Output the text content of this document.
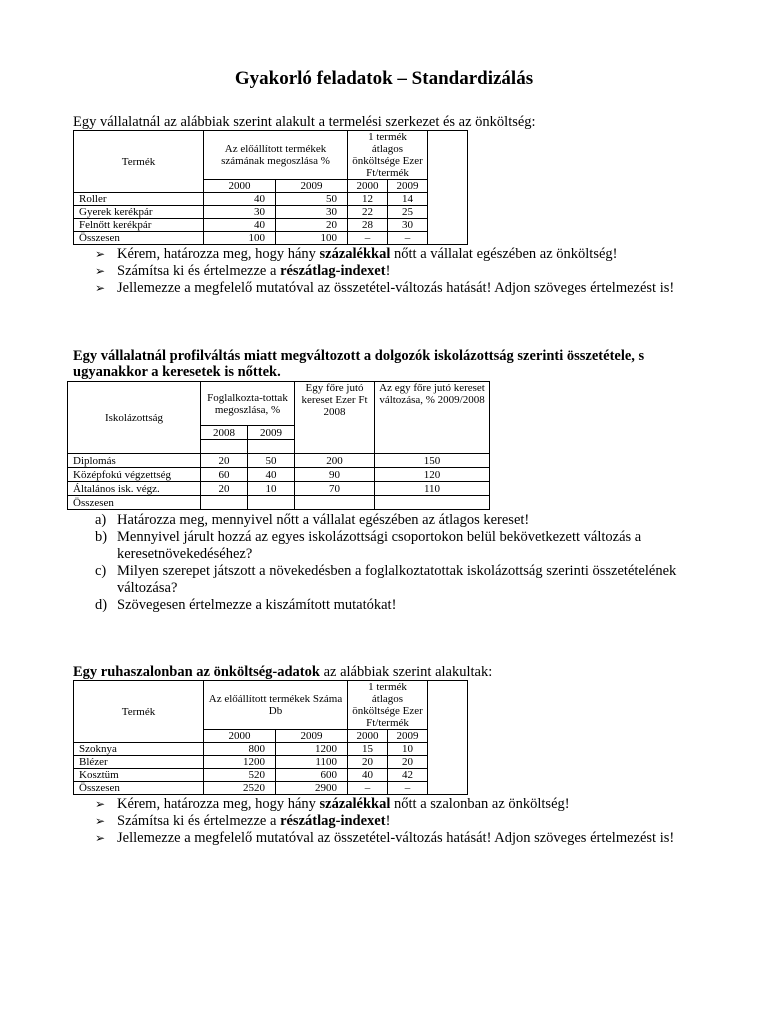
Gyakorló feladatok – Standardizálás

Egy vállalatnál az alábbiak szerint alakult a termelési szerkezet és az önköltség:

Termék	Az előállított termékek számának megoszlása %		1 termék átlagos önköltsége Ezer Ft/termék		
	2000	2009	2000	2009	
Roller	40	50	12	14	
Gyerek kerékpár	30	30	22	25	
Felnőtt kerékpár	40	20	28	30	
Összesen	100	100	–	–	
➢ Kérem, határozza meg, hogy hány százalékkal nőtt a vállalat egészében az önköltség!
➢ Számítsa ki és értelmezze a részátlag-indexet!
➢ Jellemezze a megfelelő mutatóval az összetétel-változás hatását! Adjon szöveges értelmezést is!

Egy vállalatnál profilváltás miatt megváltozott a dolgozók iskolázottság szerinti összetétele, s ugyanakkor a keresetek is nőttek.

Iskolázottság	Foglalkozta-tottak megoszlása, %		Egy főre jutó kereset Ezer Ft 2008	Az egy főre jutó kereset változása, % 2009/2008
	2008	2009		

Diplomás	20	50	200	150
Középfokú végzettség	60	40	90	120
Általános isk. végz.	20	10	70	110
Összesen				
a) Határozza meg, mennyivel nőtt a vállalat egészében az átlagos kereset!
b) Mennyivel járult hozzá az egyes iskolázottsági csoportokon belül bekövetkezett változás a keresetnövekedéséhez?
c) Milyen szerepet játszott a növekedésben a foglalkoztatottak iskolázottság szerinti összetételének változása?
d) Szövegesen értelmezze a kiszámított mutatókat!

Egy ruhaszalonban az önköltség-adatok az alábbiak szerint alakultak:

Termék	Az előállított termékek Száma Db		1 termék átlagos önköltsége Ezer Ft/termék		
	2000	2009	2000	2009	
Szoknya	800	1200	15	10	
Blézer	1200	1100	20	20	
Kosztüm	520	600	40	42	
Összesen	2520	2900	–	–	
➢ Kérem, határozza meg, hogy hány százalékkal nőtt a szalonban az önköltség!
➢ Számítsa ki és értelmezze a részátlag-indexet!
➢ Jellemezze a megfelelő mutatóval az összetétel-változás hatását! Adjon szöveges értelmezést is!
